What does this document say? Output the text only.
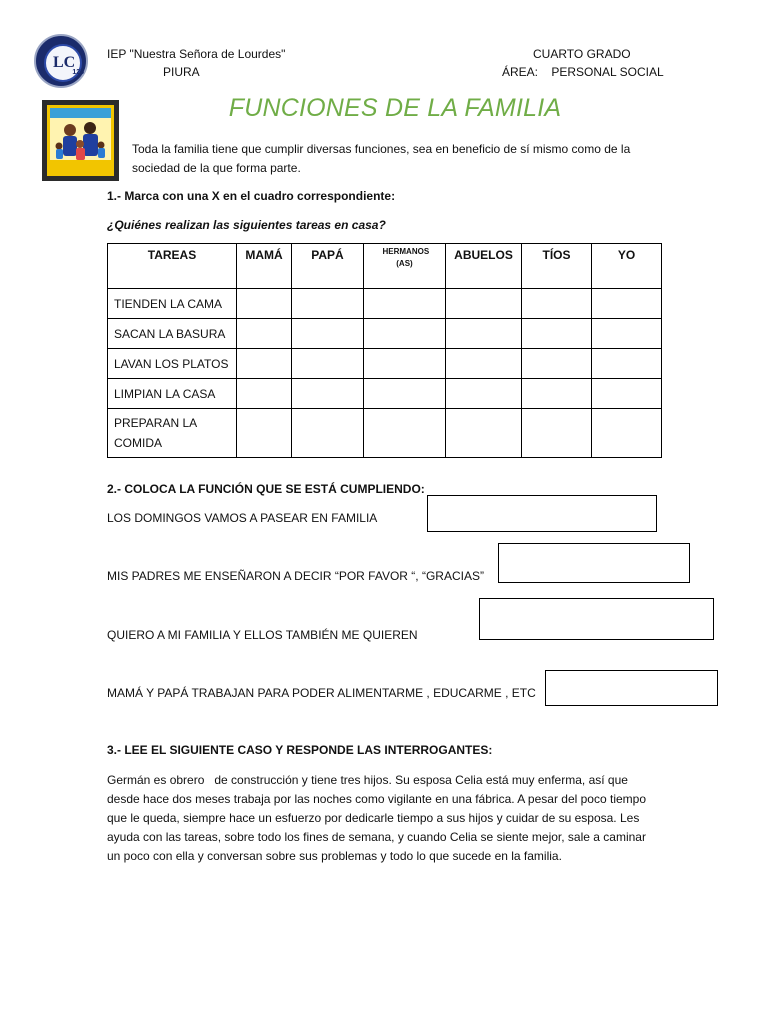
LC
125
IEP "Nuestra Señora de Lourdes"
PIURA
CUARTO GRADO
ÁREA: PERSONAL SOCIAL
FUNCIONES DE LA FAMILIA
Toda la familia tiene que cumplir diversas funciones, sea en beneficio de sí mismo como de la sociedad de la que forma parte.
1.- Marca con una X en el cuadro correspondiente:
¿Quiénes realizan las siguientes tareas en casa?
TAREAS	MAMÁ	PAPÁ	HERMANOS (AS)	ABUELOS	TÍOS	YO
TIENDEN LA CAMA						
SACAN LA BASURA						
LAVAN LOS PLATOS						
LIMPIAN LA CASA						
PREPARAN LA COMIDA						
2.- COLOCA LA FUNCIÓN QUE SE ESTÁ CUMPLIENDO:
LOS DOMINGOS VAMOS A PASEAR EN FAMILIA
MIS PADRES ME ENSEÑARON A DECIR “POR FAVOR “, “GRACIAS”
QUIERO A MI FAMILIA Y ELLOS TAMBIÉN ME QUIEREN
MAMÁ Y PAPÁ TRABAJAN PARA PODER ALIMENTARME , EDUCARME , ETC
3.- LEE EL SIGUIENTE CASO Y RESPONDE LAS INTERROGANTES:
Germán es obrero   de construcción y tiene tres hijos. Su esposa Celia está muy enferma, así que desde hace dos meses trabaja por las noches como vigilante en una fábrica. A pesar del poco tiempo que le queda, siempre hace un esfuerzo por dedicarle tiempo a sus hijos y cuidar de su esposa. Les ayuda con las tareas, sobre todo los fines de semana, y cuando Celia se siente mejor, sale a caminar un poco con ella y conversan sobre sus problemas y todo lo que sucede en la familia.
